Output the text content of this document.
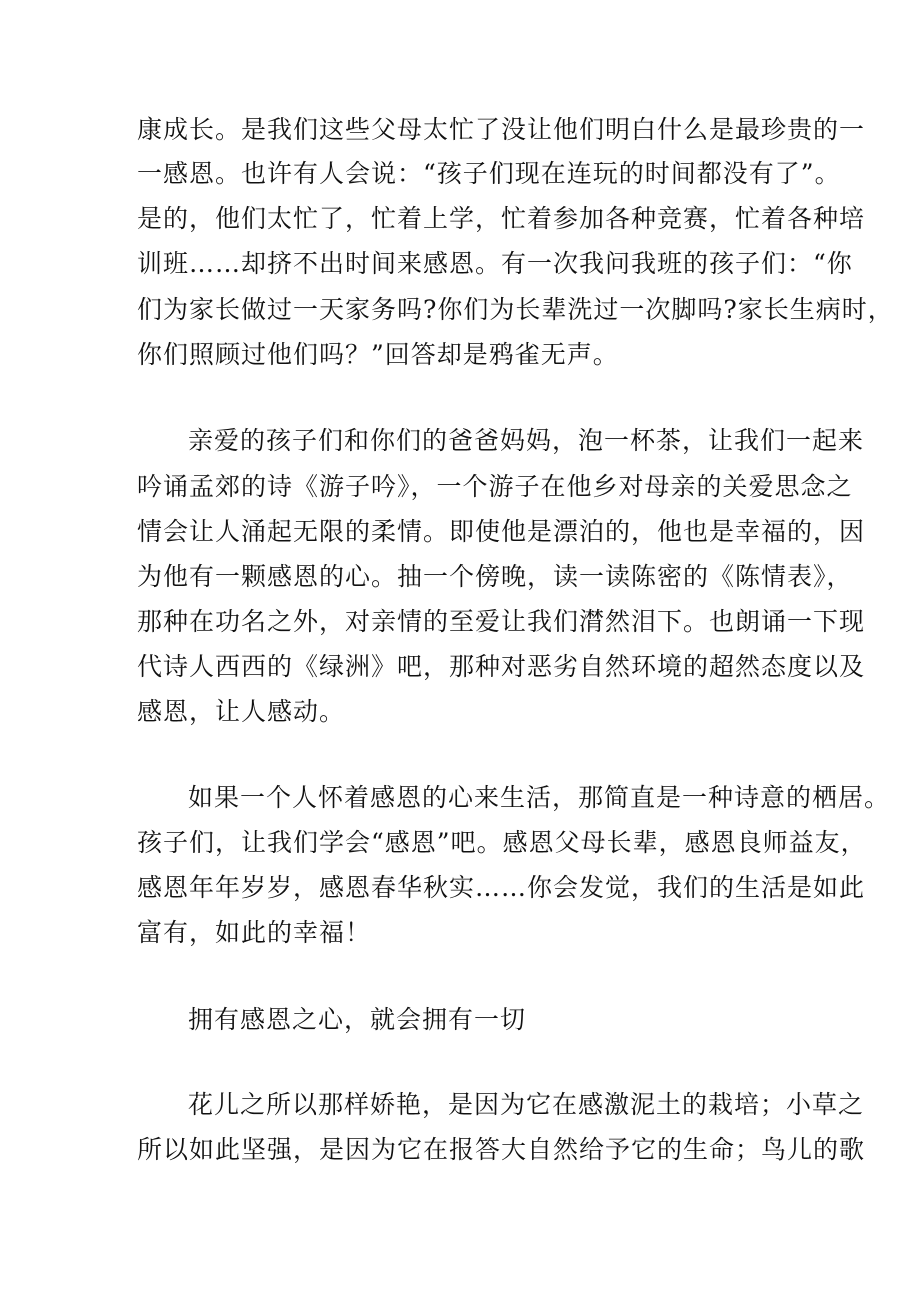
康成长。是我们这些父母太忙了没让他们明白什么是最珍贵的一
一感恩。也许有人会说：“孩子们现在连玩的时间都没有了”。
是的，他们太忙了，忙着上学，忙着参加各种竞赛，忙着各种培
训班……却挤不出时间来感恩。有一次我问我班的孩子们：“你
们为家长做过一天家务吗?你们为长辈洗过一次脚吗?家长生病时，
你们照顾过他们吗？”回答却是鸦雀无声。
亲爱的孩子们和你们的爸爸妈妈，泡一杯茶，让我们一起来
吟诵孟郊的诗《游子吟》，一个游子在他乡对母亲的关爱思念之
情会让人涌起无限的柔情。即使他是漂泊的，他也是幸福的，因
为他有一颗感恩的心。抽一个傍晚，读一读陈密的《陈情表》，
那种在功名之外，对亲情的至爱让我们潸然泪下。也朗诵一下现
代诗人西西的《绿洲》吧，那种对恶劣自然环境的超然态度以及
感恩，让人感动。
如果一个人怀着感恩的心来生活，那简直是一种诗意的栖居。
孩子们，让我们学会“感恩”吧。感恩父母长辈，感恩良师益友，
感恩年年岁岁，感恩春华秋实……你会发觉，我们的生活是如此
富有，如此的幸福！
拥有感恩之心，就会拥有一切
花儿之所以那样娇艳，是因为它在感激泥土的栽培；小草之
所以如此坚强，是因为它在报答大自然给予它的生命；鸟儿的歌
